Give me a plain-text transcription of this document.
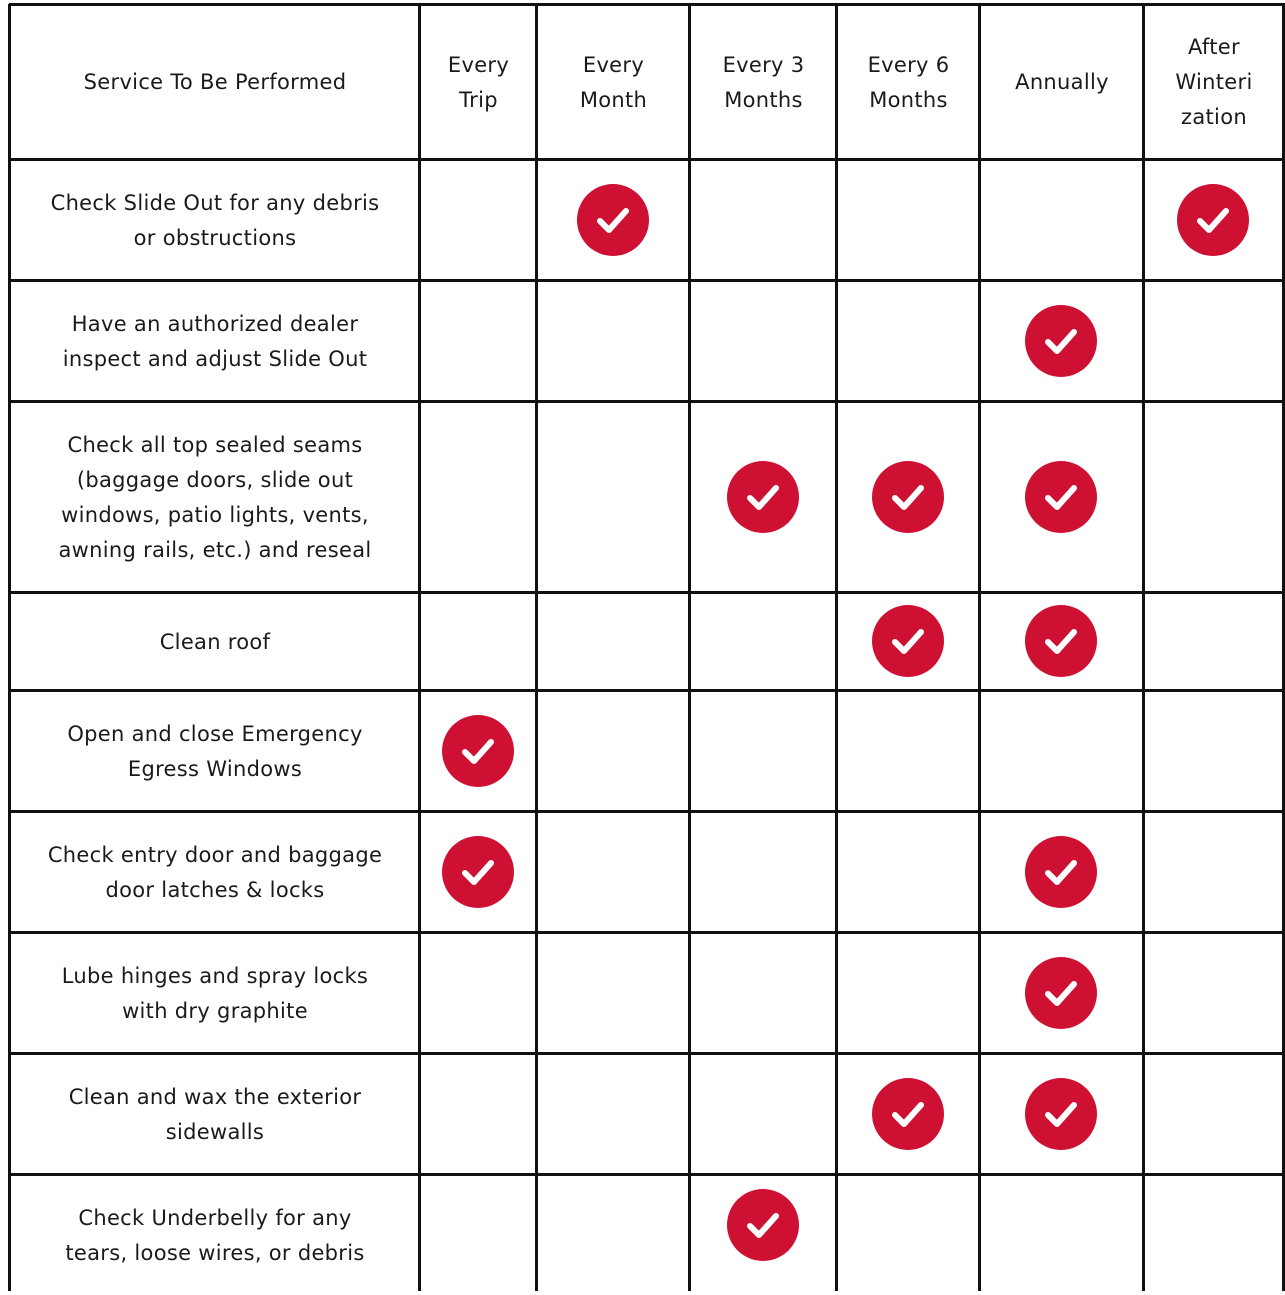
Service To Be Performed
Every
Trip
Every
Month
Every 3
Months
Every 6
Months
Annually
After
Winteri
zation
Check Slide Out for any debris
or obstructions
Have an authorized dealer
inspect and adjust Slide Out
Check all top sealed seams
(baggage doors, slide out
windows, patio lights, vents,
awning rails, etc.) and reseal
Clean roof
Open and close Emergency
Egress Windows
Check entry door and baggage
door latches & locks
Lube hinges and spray locks
with dry graphite
Clean and wax the exterior
sidewalls
Check Underbelly for any
tears, loose wires, or debris
